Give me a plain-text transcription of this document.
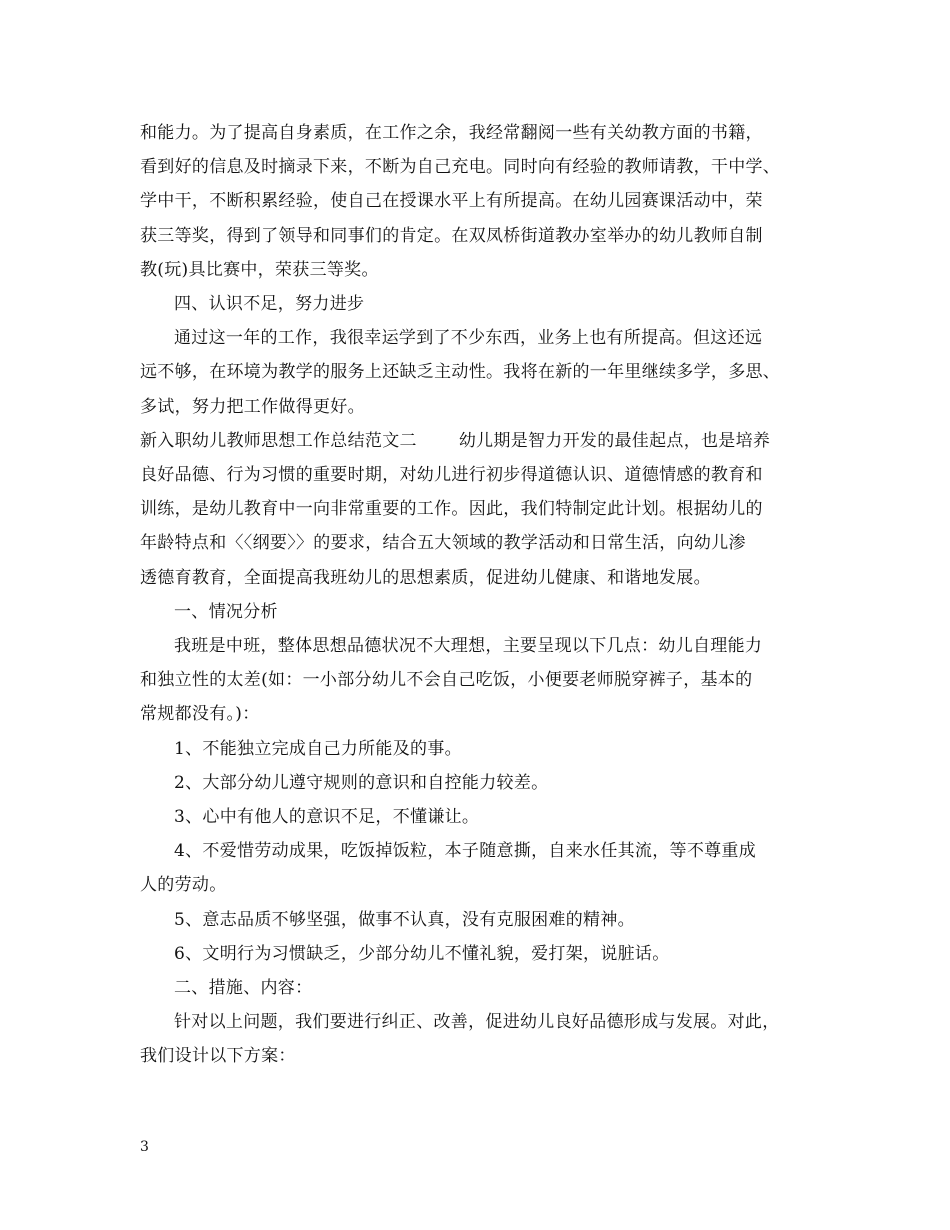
和能力。为了提高自身素质，在工作之余，我经常翻阅一些有关幼教方面的书籍，
看到好的信息及时摘录下来，不断为自己充电。同时向有经验的教师请教，干中学、
学中干，不断积累经验，使自己在授课水平上有所提高。在幼儿园赛课活动中，荣
获三等奖，得到了领导和同事们的肯定。在双凤桥街道教办室举办的幼儿教师自制
教(玩)具比赛中，荣获三等奖。
四、认识不足，努力进步
通过这一年的工作，我很幸运学到了不少东西，业务上也有所提高。但这还远
远不够，在环境为教学的服务上还缺乏主动性。我将在新的一年里继续多学，多思、
多试，努力把工作做得更好。
新入职幼儿教师思想工作总结范文二 幼儿期是智力开发的最佳起点，也是培养
良好品德、行为习惯的重要时期，对幼儿进行初步得道德认识、道德情感的教育和
训练，是幼儿教育中一向非常重要的工作。因此，我们特制定此计划。根据幼儿的
年龄特点和〈〈纲要〉〉的要求，结合五大领域的教学活动和日常生活，向幼儿渗
透德育教育，全面提高我班幼儿的思想素质，促进幼儿健康、和谐地发展。
一、情况分析
我班是中班，整体思想品德状况不大理想，主要呈现以下几点：幼儿自理能力
和独立性的太差(如：一小部分幼儿不会自己吃饭，小便要老师脱穿裤子，基本的
常规都没有。)：
1、不能独立完成自己力所能及的事。
2、大部分幼儿遵守规则的意识和自控能力较差。
3、心中有他人的意识不足，不懂谦让。
4、不爱惜劳动成果，吃饭掉饭粒，本子随意撕，自来水任其流，等不尊重成
人的劳动。
5、意志品质不够坚强，做事不认真，没有克服困难的精神。
6、文明行为习惯缺乏，少部分幼儿不懂礼貌，爱打架，说脏话。
二、措施、内容：
针对以上问题，我们要进行纠正、改善，促进幼儿良好品德形成与发展。对此，
我们设计以下方案：
3
